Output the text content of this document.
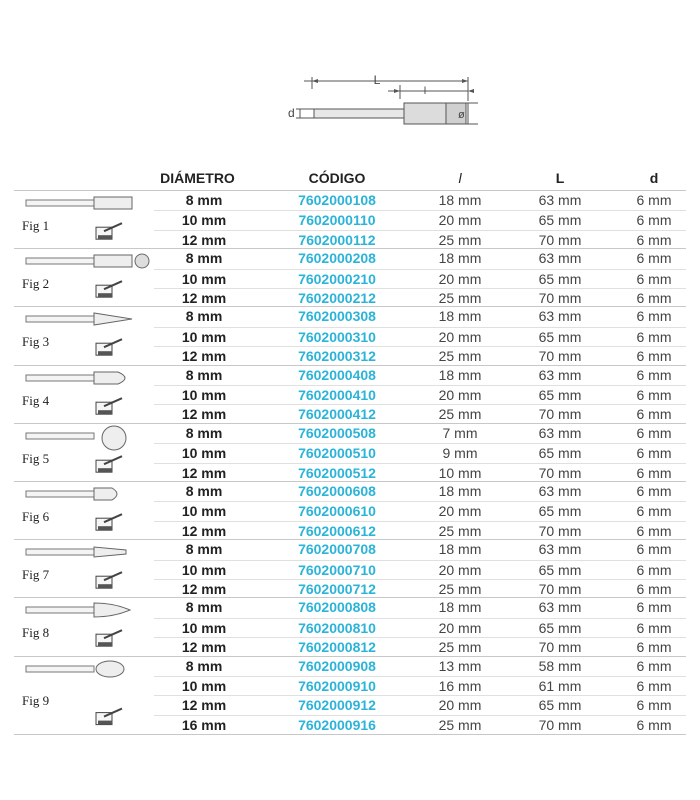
L
l
d	ø
DIÁMETRO	CÓDIGO	l	L	d
Fig 1
8 mm	7602000108	18 mm	63 mm	6 mm
10 mm	7602000110	20 mm	65 mm	6 mm
12 mm	7602000112	25 mm	70 mm	6 mm
Fig 2
8 mm	7602000208	18 mm	63 mm	6 mm
10 mm	7602000210	20 mm	65 mm	6 mm
12 mm	7602000212	25 mm	70 mm	6 mm
Fig 3
8 mm	7602000308	18 mm	63 mm	6 mm
10 mm	7602000310	20 mm	65 mm	6 mm
12 mm	7602000312	25 mm	70 mm	6 mm
Fig 4
8 mm	7602000408	18 mm	63 mm	6 mm
10 mm	7602000410	20 mm	65 mm	6 mm
12 mm	7602000412	25 mm	70 mm	6 mm
Fig 5
8 mm	7602000508	7 mm	63 mm	6 mm
10 mm	7602000510	9 mm	65 mm	6 mm
12 mm	7602000512	10 mm	70 mm	6 mm
Fig 6
8 mm	7602000608	18 mm	63 mm	6 mm
10 mm	7602000610	20 mm	65 mm	6 mm
12 mm	7602000612	25 mm	70 mm	6 mm
Fig 7
8 mm	7602000708	18 mm	63 mm	6 mm
10 mm	7602000710	20 mm	65 mm	6 mm
12 mm	7602000712	25 mm	70 mm	6 mm
Fig 8
8 mm	7602000808	18 mm	63 mm	6 mm
10 mm	7602000810	20 mm	65 mm	6 mm
12 mm	7602000812	25 mm	70 mm	6 mm
Fig 9
8 mm	7602000908	13 mm	58 mm	6 mm
10 mm	7602000910	16 mm	61 mm	6 mm
12 mm	7602000912	20 mm	65 mm	6 mm
16 mm	7602000916	25 mm	70 mm	6 mm
